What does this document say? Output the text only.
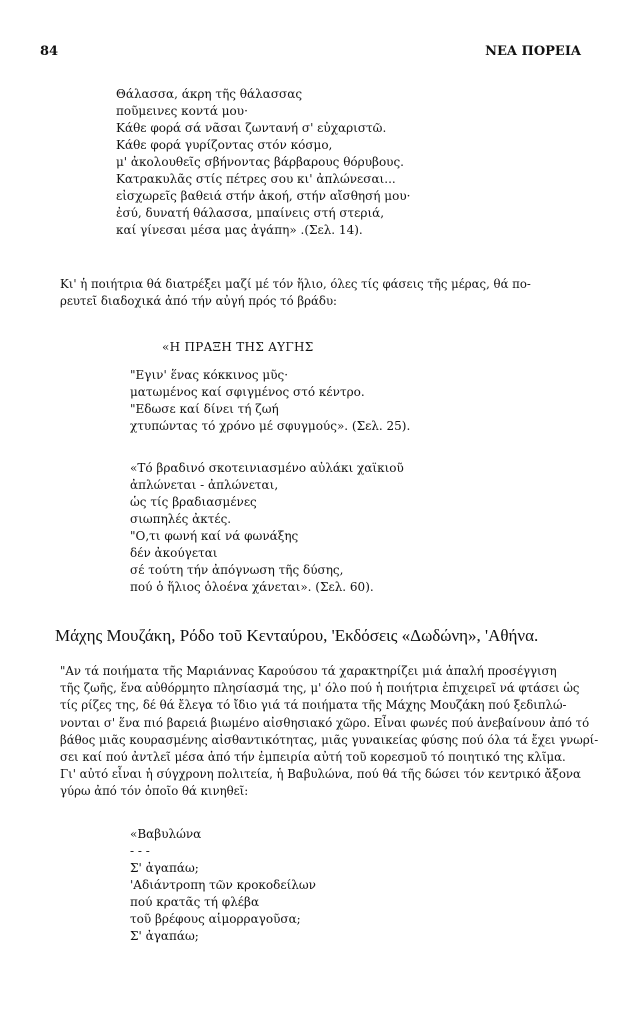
84	ΝΕΑ ΠΟΡΕΙΑ
Θάλασσα, άκρη τῆς θάλασσας
ποῦμεινες κοντά μου·
Κάθε φορά σά νᾶσαι ζωντανή σ' εὐχαριστῶ.
Κάθε φορά γυρίζοντας στόν κόσμο,
μ' ἀκολουθεῖς σβήνοντας βάρβαρους θόρυβους.
Κατρακυλᾶς στίς πέτρες σου κι' ἀπλώνεσαι...
εἰσχωρεῖς βαθειά στήν ἀκοή, στήν αἴσθησή μου·
ἐσύ, δυνατή θάλασσα, μπαίνεις στή στεριά,
καί γίνεσαι μέσα μας ἀγάπη» .(Σελ. 14).
Κι' ἡ ποιήτρια θά διατρέξει μαζί μέ τόν ἥλιο, όλες τίς φάσεις τῆς μέρας, θά πο-
ρευτεῖ διαδοχικά ἀπό τήν αὐγή πρός τό βράδυ:
«Η ΠΡΑΞΗ ΤΗΣ ΑΥΓΗΣ
"Εγιν' ἕνας κόκκινος μῦς·
ματωμένος καί σφιγμένος στό κέντρο.
"Εδωσε καί δίνει τή ζωή
χτυπώντας τό χρόνο μέ σφυγμούς». (Σελ. 25).
«Τό βραδινό σκοτεινιασμένο αὐλάκι χαϊκιοῦ
ἀπλώνεται - ἀπλώνεται,
ὡς τίς βραδιασμένες
σιωπηλές ἀκτές.
"Ο,τι φωνή καί νά φωνάξης
δέν ἀκούγεται
σέ τούτη τήν ἀπόγνωση τῆς δύσης,
πού ὁ ἥλιος ὁλοένα χάνεται». (Σελ. 60).
Μάχης Μουζάκη, Ρόδο τοῦ Κενταύρου, 'Εκδόσεις «Δωδώνη», 'Αθήνα.
"Αν τά ποιήματα τῆς Μαριάννας Καρούσου τά χαρακτηρίζει μιά ἁπαλή προσέγγιση
τῆς ζωῆς, ἕνα αὐθόρμητο πλησίασμά της, μ' όλο πού ἡ ποιήτρια ἐπιχειρεῖ νά φτάσει ὡς
τίς ρίζες της, δέ θά ἔλεγα τό ἴδιο γιά τά ποιήματα τῆς Μάχης Μουζάκη πού ξεδιπλώ-
νονται σ' ἕνα πιό βαρειά βιωμένο αἰσθησιακό χῶρο. Εἶναι φωνές πού ἀνεβαίνουν ἀπό τό
βάθος μιᾶς κουρασμένης αἰσθαντικότητας, μιᾶς γυναικείας φύσης πού όλα τά ἔχει γνωρί-
σει καί πού ἀντλεῖ μέσα ἀπό τήν ἐμπειρία αὐτή τοῦ κορεσμοῦ τό ποιητικό της κλῖμα.
Γι' αὐτό εἶναι ἡ σύγχρονη πολιτεία, ἡ Βαβυλώνα, πού θά τῆς δώσει τόν κεντρικό ἄξονα
γύρω ἀπό τόν ὁποῖο θά κινηθεῖ:
«Βαβυλώνα
- - -
Σ' ἀγαπάω;
'Αδιάντροπη τῶν κροκοδείλων
πού κρατᾶς τή φλέβα
τοῦ βρέφους αἱμορραγοῦσα;
Σ' ἀγαπάω;
